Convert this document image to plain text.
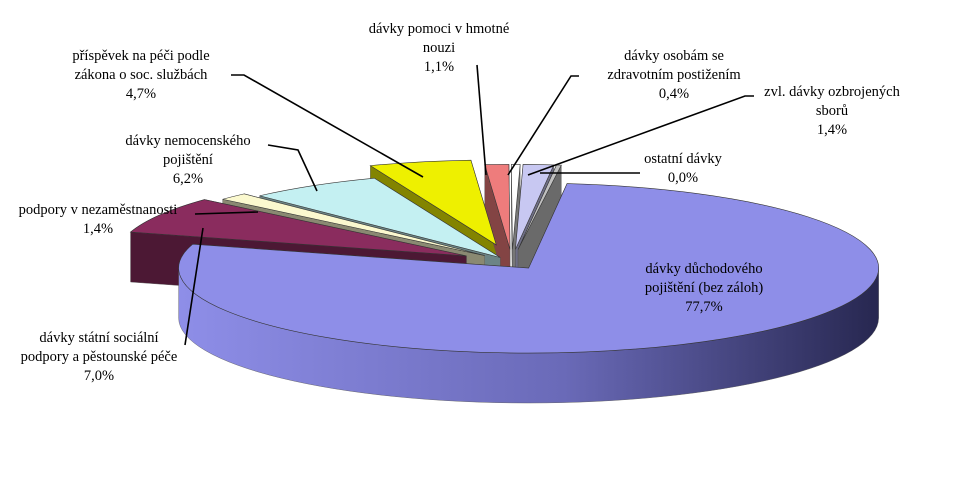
dávky důchodového pojištění (bez záloh) 77,7%
dávky státní sociální podpory a pěstounské péče 7,0%
podpory v nezaměstnanosti 1,4%
dávky nemocenského pojištění 6,2%
příspěvek na péči podle zákona o soc. službách 4,7%
dávky pomoci v hmotné nouzi 1,1%
dávky osobám se zdravotním postižením 0,4%	zvl. dávky ozbrojených sborů 1,4%
ostatní dávky 0,0%
